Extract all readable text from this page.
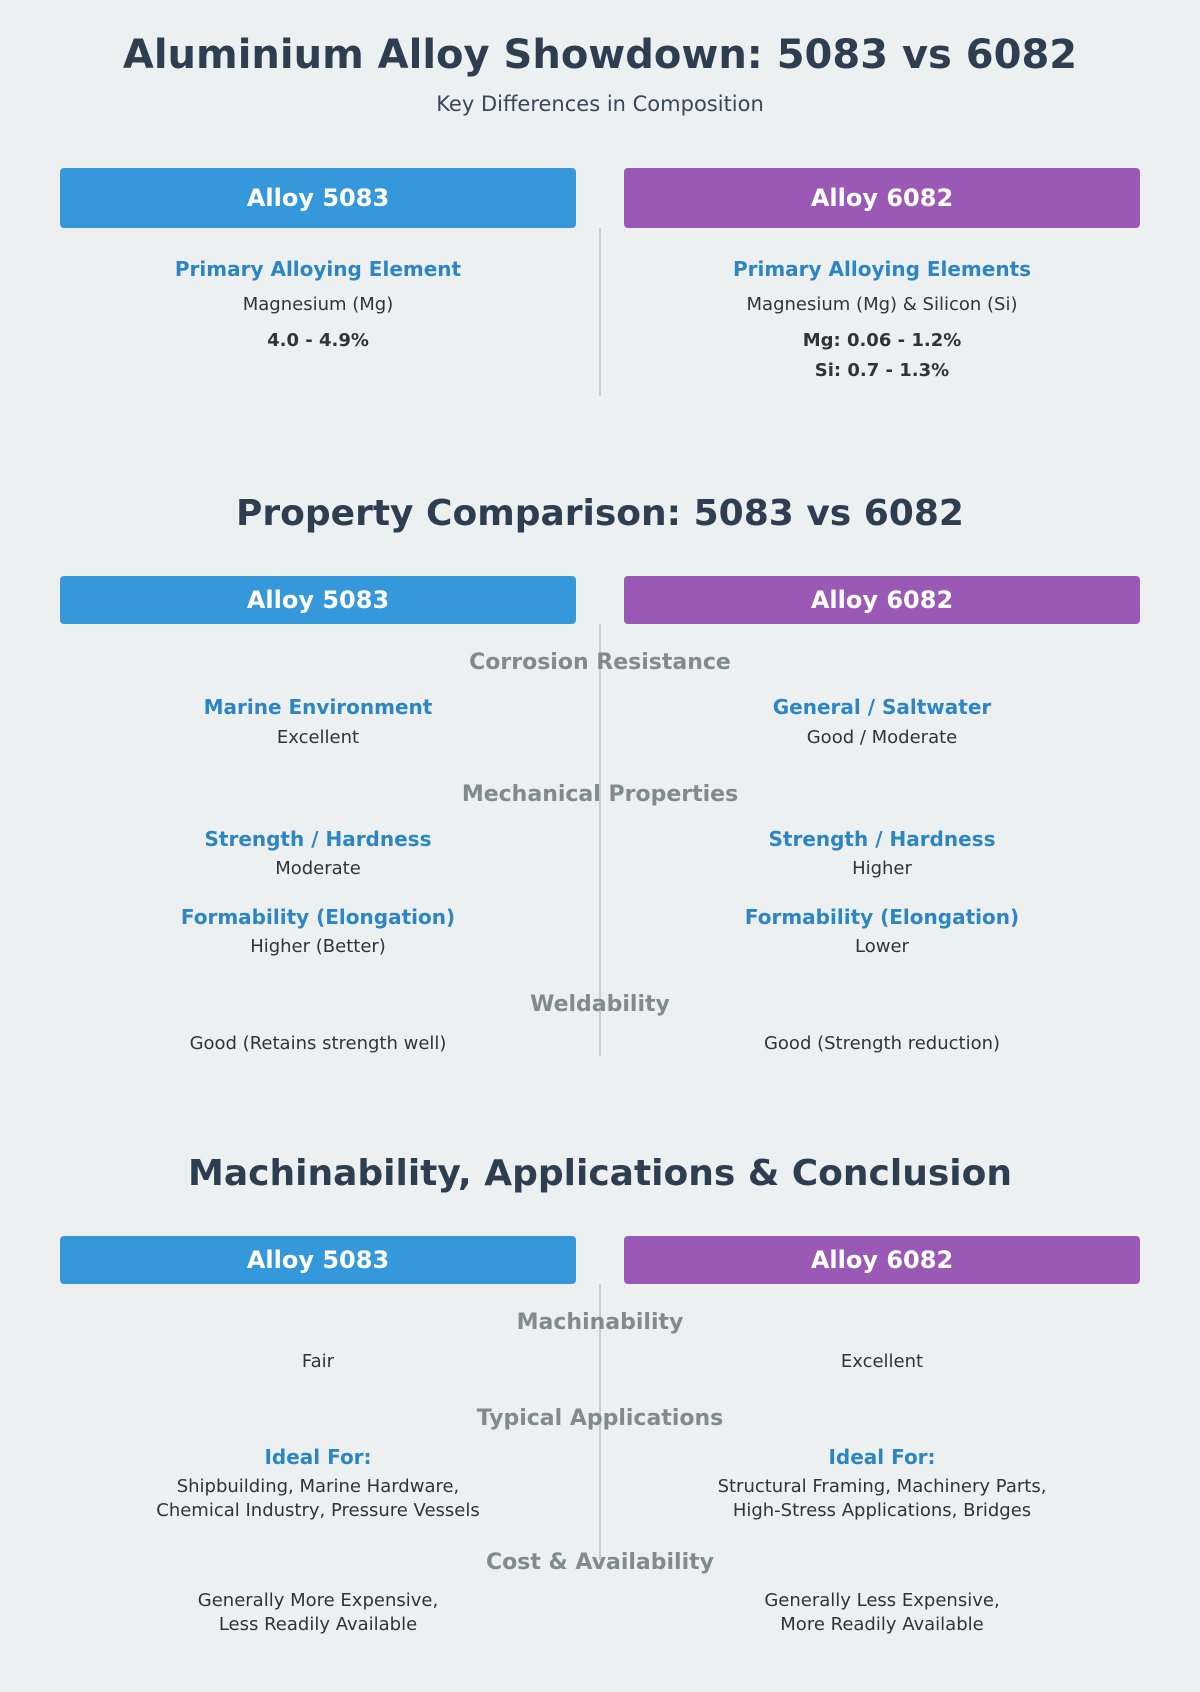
Aluminium Alloy Showdown: 5083 vs 6082
Key Differences in Composition
Alloy 5083	Alloy 6082
Primary Alloying Element
Magnesium (Mg)
4.0 - 4.9%
Primary Alloying Elements
Magnesium (Mg) & Silicon (Si)
Mg: 0.06 - 1.2%
Si: 0.7 - 1.3%
Property Comparison: 5083 vs 6082
Alloy 5083	Alloy 6082
Corrosion Resistance
Marine Environment
Excellent
General / Saltwater
Good / Moderate
Mechanical Properties
Strength / Hardness
Moderate
Strength / Hardness
Higher
Formability (Elongation)
Higher (Better)
Formability (Elongation)
Lower
Weldability
Good (Retains strength well)	Good (Strength reduction)
Machinability, Applications & Conclusion
Alloy 5083	Alloy 6082
Machinability
Fair	Excellent
Typical Applications
Ideal For:
Shipbuilding, Marine Hardware,
Chemical Industry, Pressure Vessels
Ideal For:
Structural Framing, Machinery Parts,
High-Stress Applications, Bridges
Cost & Availability
Generally More Expensive,
Less Readily Available
Generally Less Expensive,
More Readily Available
